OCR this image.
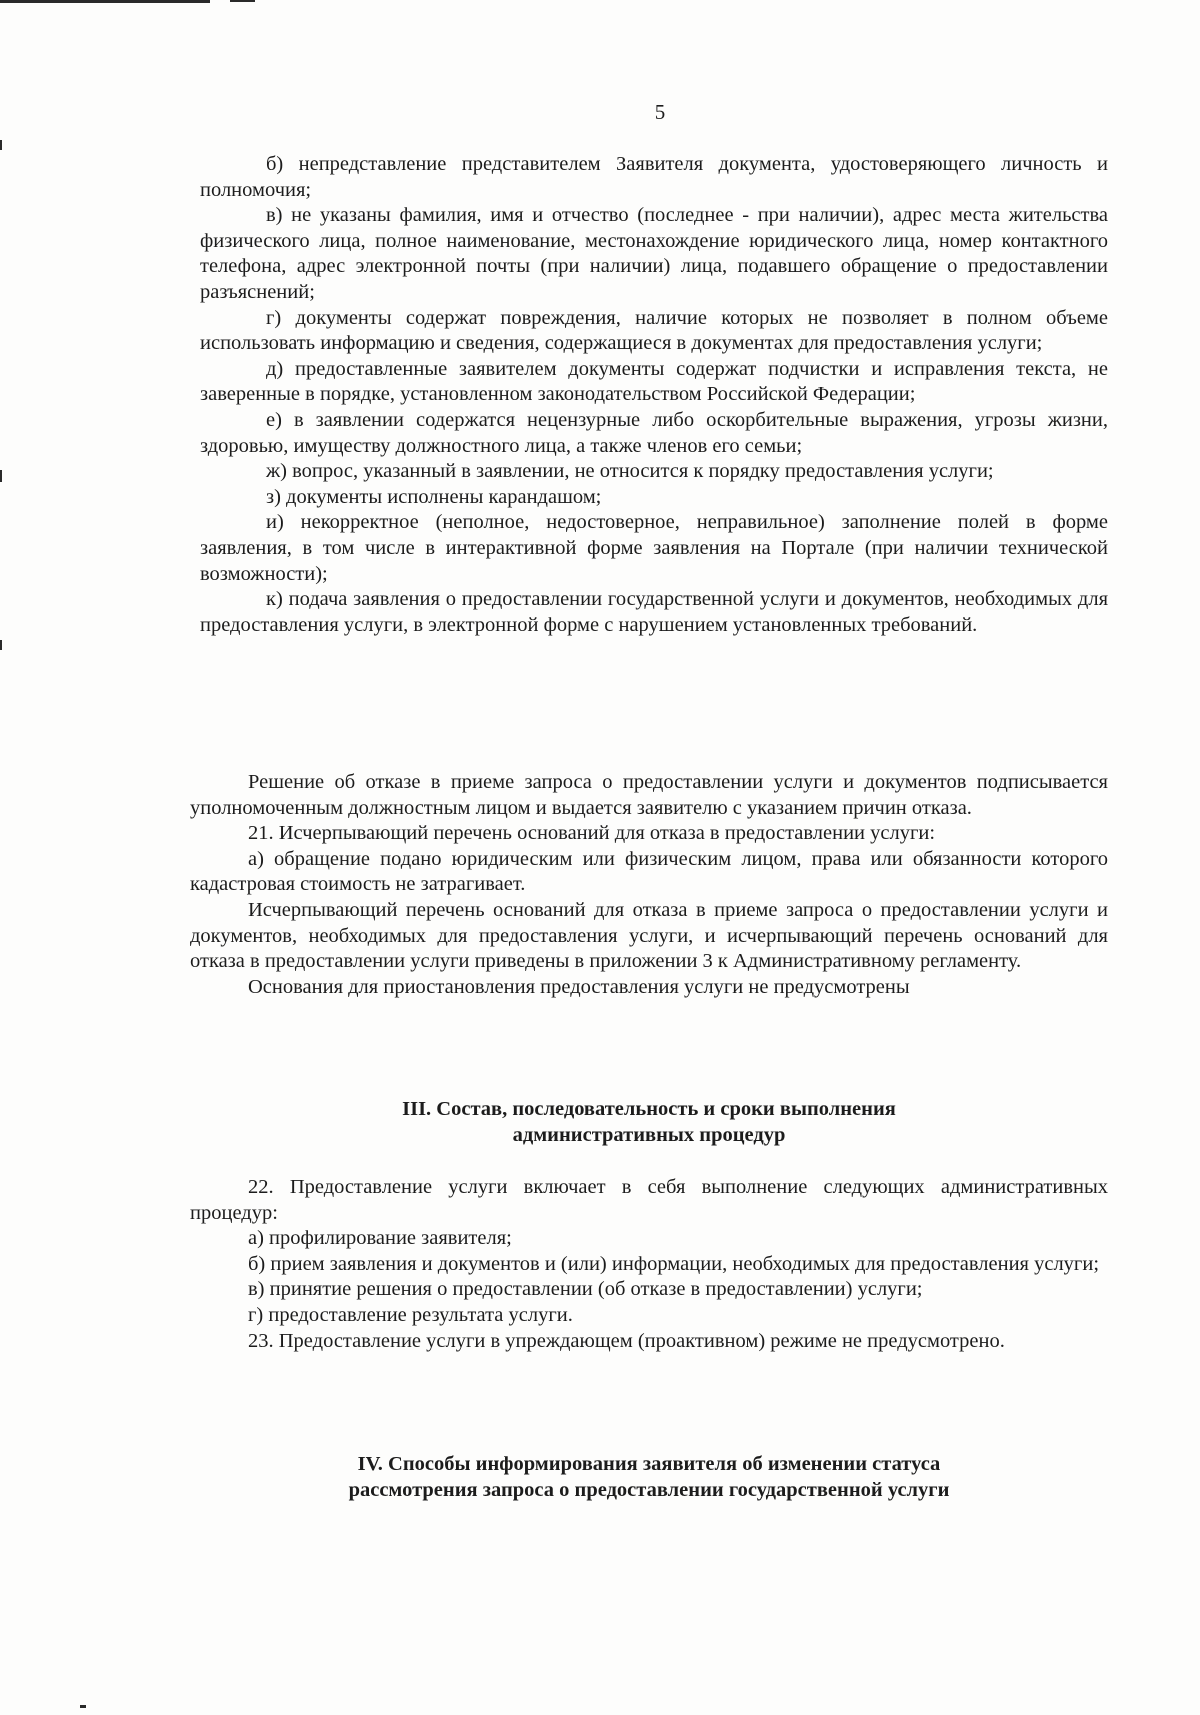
5

б) непредставление представителем Заявителя документа, удостоверяющего личность и полномочия;

в) не указаны фамилия, имя и отчество (последнее - при наличии), адрес места жительства физического лица, полное наименование, местонахождение юридического лица, номер контактного телефона, адрес электронной почты (при наличии) лица, подавшего обращение о предоставлении разъяснений;

г) документы содержат повреждения, наличие которых не позволяет в полном объеме использовать информацию и сведения, содержащиеся в документах для предоставления услуги;

д) предоставленные заявителем документы содержат подчистки и исправления текста, не заверенные в порядке, установленном законодательством Российской Федерации;

е) в заявлении содержатся нецензурные либо оскорбительные выражения, угрозы жизни, здоровью, имуществу должностного лица, а также членов его семьи;

ж) вопрос, указанный в заявлении, не относится к порядку предоставления услуги;

з) документы исполнены карандашом;

и) некорректное (неполное, недостоверное, неправильное) заполнение полей в форме заявления, в том числе в интерактивной форме заявления на Портале (при наличии технической возможности);

к) подача заявления о предоставлении государственной услуги и документов, необходимых для предоставления услуги, в электронной форме с нарушением установленных требований.

Решение об отказе в приеме запроса о предоставлении услуги и документов подписывается уполномоченным должностным лицом и выдается заявителю с указанием причин отказа.

21. Исчерпывающий перечень оснований для отказа в предоставлении услуги:

а) обращение подано юридическим или физическим лицом, права или обязанности которого кадастровая стоимость не затрагивает.

Исчерпывающий перечень оснований для отказа в приеме запроса о предоставлении услуги и документов, необходимых для предоставления услуги, и исчерпывающий перечень оснований для отказа в предоставлении услуги приведены в приложении 3 к Административному регламенту.

Основания для приостановления предоставления услуги не предусмотрены

III. Состав, последовательность и сроки выполнения
административных процедур

22. Предоставление услуги включает в себя выполнение следующих административных процедур:

а) профилирование заявителя;

б) прием заявления и документов и (или) информации, необходимых для предоставления услуги;

в) принятие решения о предоставлении (об отказе в предоставлении) услуги;

г) предоставление результата услуги.

23. Предоставление услуги в упреждающем (проактивном) режиме не предусмотрено.

IV. Способы информирования заявителя об изменении статуса
рассмотрения запроса о предоставлении государственной услуги
